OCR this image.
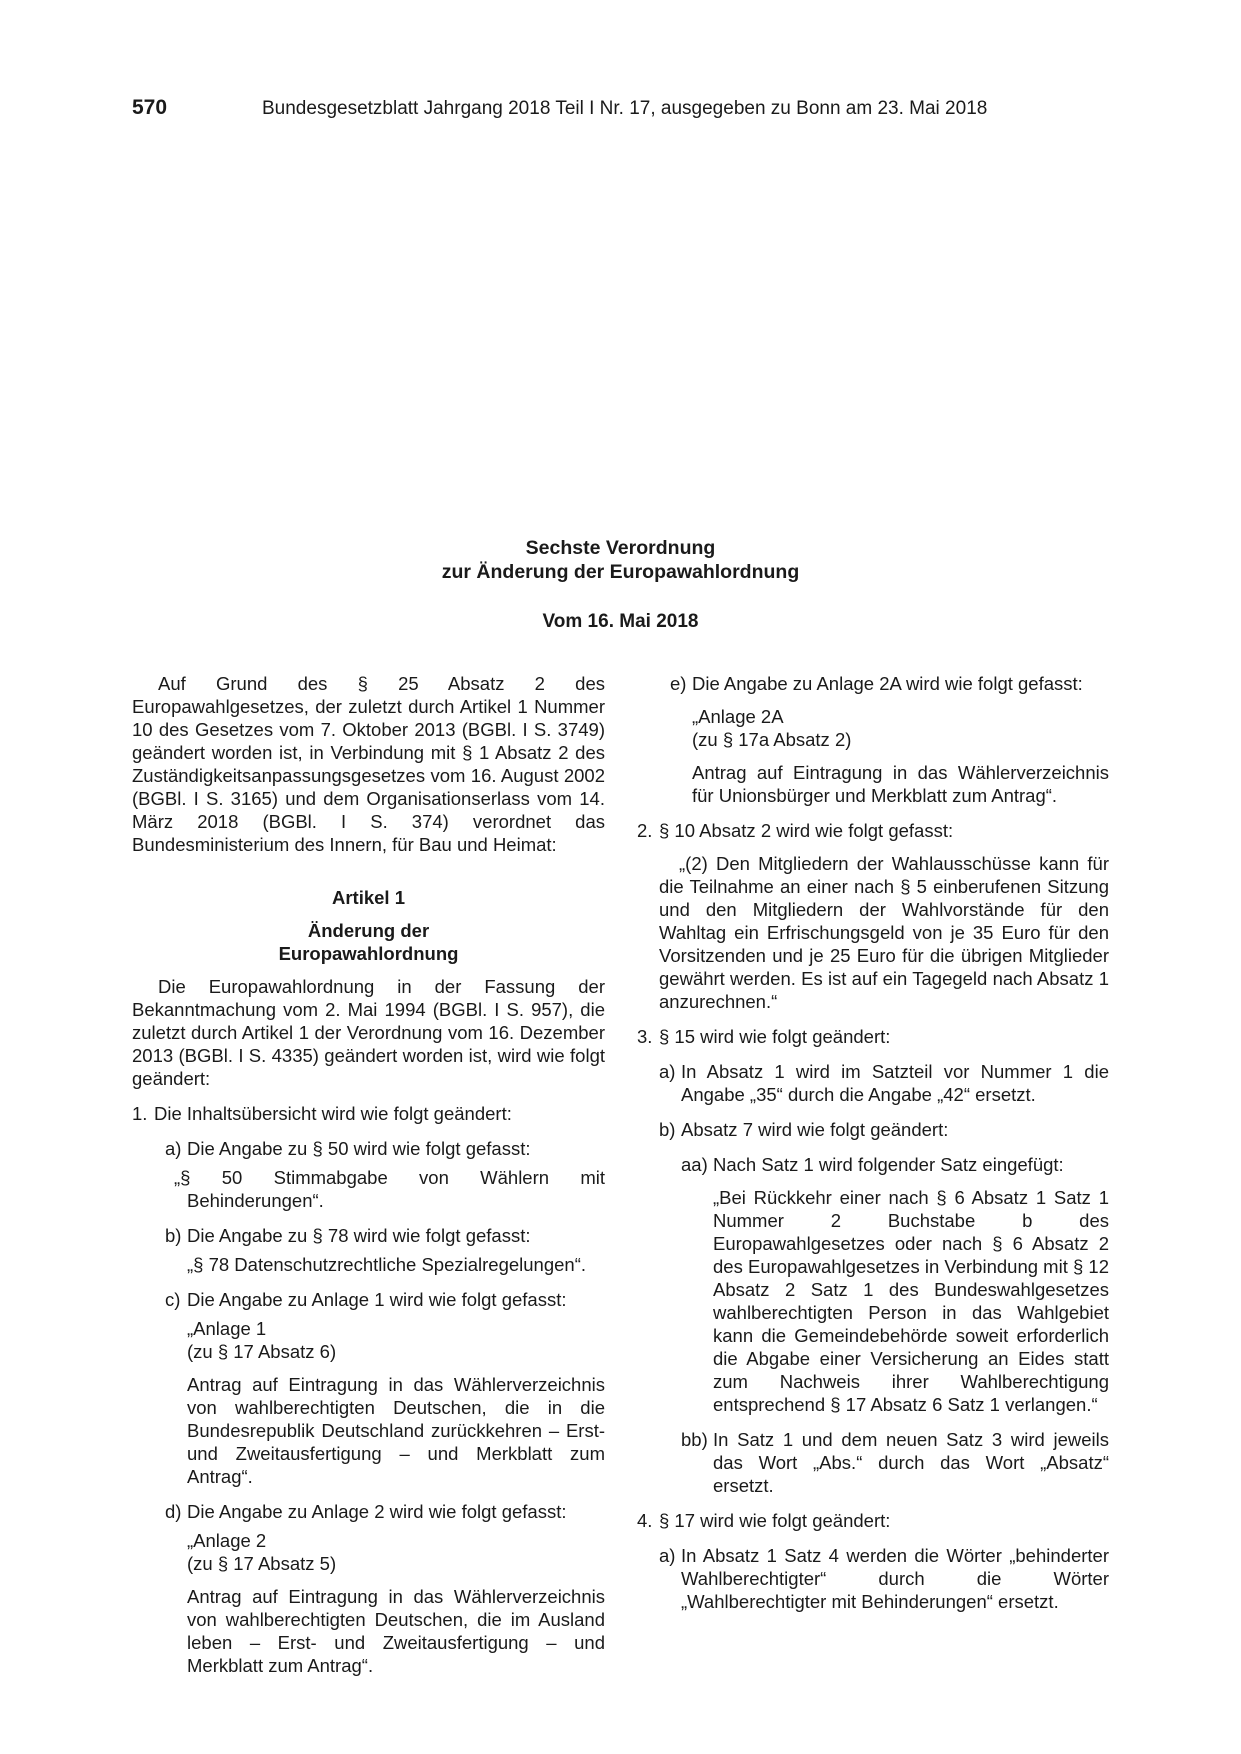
570	Bundesgesetzblatt Jahrgang 2018 Teil I Nr. 17, ausgegeben zu Bonn am 23. Mai 2018
Sechste Verordnung
zur Änderung der Europawahlordnung
Vom 16. Mai 2018

Auf Grund des § 25 Absatz 2 des Europawahlgesetzes, der zuletzt durch Artikel 1 Nummer 10 des Gesetzes vom 7. Oktober 2013 (BGBl. I S. 3749) geändert worden ist, in Verbindung mit § 1 Absatz 2 des Zuständigkeitsanpassungsgesetzes vom 16. August 2002 (BGBl. I S. 3165) und dem Organisationserlass vom 14. März 2018 (BGBl. I S. 374) verordnet das Bundesministerium des Innern, für Bau und Heimat:

Artikel 1

Änderung der

Europawahlordnung

Die Europawahlordnung in der Fassung der Bekanntmachung vom 2. Mai 1994 (BGBl. I S. 957), die zuletzt durch Artikel 1 der Verordnung vom 16. Dezember 2013 (BGBl. I S. 4335) geändert worden ist, wird wie folgt geändert:

1. Die Inhaltsübersicht wird wie folgt geändert:
a) Die Angabe zu § 50 wird wie folgt gefasst:

„§ 50 Stimmabgabe von Wählern mit Behinderungen“.

b) Die Angabe zu § 78 wird wie folgt gefasst:

„§ 78 Datenschutzrechtliche Spezialregelungen“.

c) Die Angabe zu Anlage 1 wird wie folgt gefasst:

„Anlage 1

(zu § 17 Absatz 6)

Antrag auf Eintragung in das Wählerverzeichnis von wahlberechtigten Deutschen, die in die Bundesrepublik Deutschland zurückkehren – Erst- und Zweitausfertigung – und Merkblatt zum Antrag“.

d) Die Angabe zu Anlage 2 wird wie folgt gefasst:

„Anlage 2

(zu § 17 Absatz 5)

Antrag auf Eintragung in das Wählerverzeichnis von wahlberechtigten Deutschen, die im Ausland leben – Erst- und Zweitausfertigung – und Merkblatt zum Antrag“.

e) Die Angabe zu Anlage 2A wird wie folgt gefasst:

„Anlage 2A

(zu § 17a Absatz 2)

Antrag auf Eintragung in das Wählerverzeichnis für Unionsbürger und Merkblatt zum Antrag“.

2. § 10 Absatz 2 wird wie folgt gefasst:

„(2) Den Mitgliedern der Wahlausschüsse kann für die Teilnahme an einer nach § 5 einberufenen Sitzung und den Mitgliedern der Wahlvorstände für den Wahltag ein Erfrischungsgeld von je 35 Euro für den Vorsitzenden und je 25 Euro für die übrigen Mitglieder gewährt werden. Es ist auf ein Tagegeld nach Absatz 1 anzurechnen.“

3. § 15 wird wie folgt geändert:
a) In Absatz 1 wird im Satzteil vor Nummer 1 die Angabe „35“ durch die Angabe „42“ ersetzt.
b) Absatz 7 wird wie folgt geändert:
aa) Nach Satz 1 wird folgender Satz eingefügt:

„Bei Rückkehr einer nach § 6 Absatz 1 Satz 1 Nummer 2 Buchstabe b des Europawahlgesetzes oder nach § 6 Absatz 2 des Europawahlgesetzes in Verbindung mit § 12 Absatz 2 Satz 1 des Bundeswahlgesetzes wahlberechtigten Person in das Wahlgebiet kann die Gemeindebehörde soweit erforderlich die Abgabe einer Versicherung an Eides statt zum Nachweis ihrer Wahlberechtigung entsprechend § 17 Absatz 6 Satz 1 verlangen.“

bb) In Satz 1 und dem neuen Satz 3 wird jeweils das Wort „Abs.“ durch das Wort „Absatz“ ersetzt.
4. § 17 wird wie folgt geändert:
a) In Absatz 1 Satz 4 werden die Wörter „behinderter Wahlberechtigter“ durch die Wörter „Wahlberechtigter mit Behinderungen“ ersetzt.
